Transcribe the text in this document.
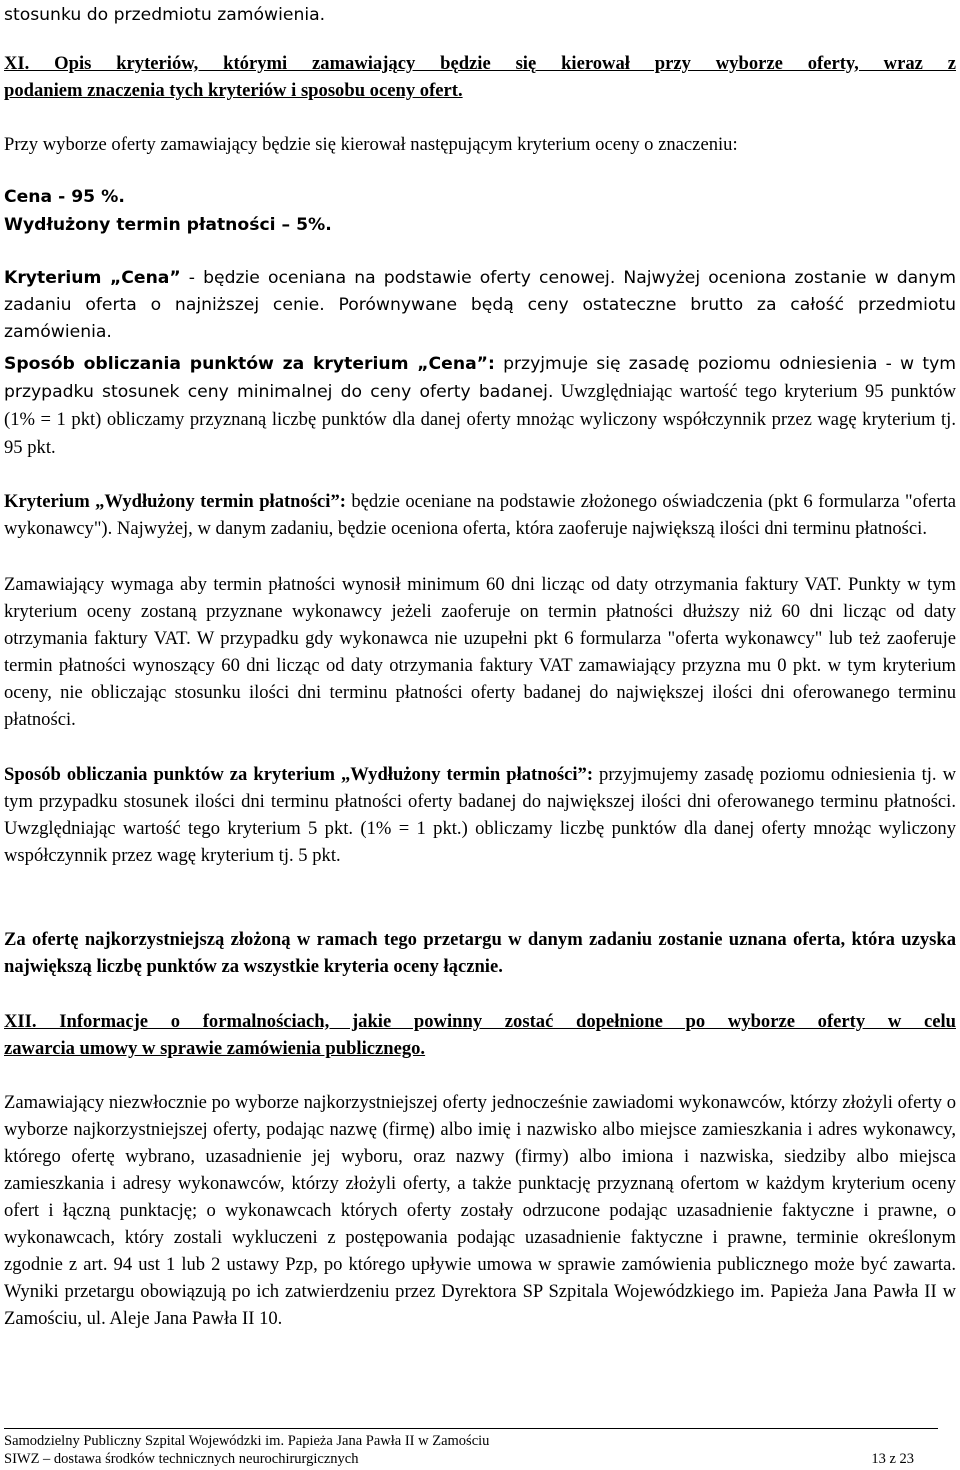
stosunku do przedmiotu zamówienia.

XI. Opis kryteriów, którymi zamawiający będzie się kierował przy wyborze oferty, wraz z

podaniem znaczenia tych kryteriów i sposobu oceny ofert.

Przy wyborze oferty zamawiający będzie się kierował następującym kryterium oceny o znaczeniu:

Cena - 95 %.

Wydłużony termin płatności – 5%.

Kryterium „Cena” - będzie oceniana na podstawie oferty cenowej. Najwyżej oceniona zostanie w danym zadaniu oferta o najniższej cenie. Porównywane będą ceny ostateczne brutto za całość przedmiotu zamówienia.

Sposób obliczania punktów za kryterium „Cena”: przyjmuje się zasadę poziomu odniesienia - w tym przypadku stosunek ceny minimalnej do ceny oferty badanej. Uwzględniając wartość tego kryterium 95 punktów (1% = 1 pkt) obliczamy przyznaną liczbę punktów dla danej oferty mnożąc wyliczony współczynnik przez wagę kryterium tj. 95 pkt.

Kryterium „Wydłużony termin płatności”: będzie oceniane na podstawie złożonego oświadczenia (pkt 6 formularza "oferta wykonawcy"). Najwyżej, w danym zadaniu, będzie oceniona oferta, która zaoferuje największą ilości dni terminu płatności.

Zamawiający wymaga aby termin płatności wynosił minimum 60 dni licząc od daty otrzymania faktury VAT. Punkty w tym kryterium oceny zostaną przyznane wykonawcy jeżeli zaoferuje on termin płatności dłuższy niż 60 dni licząc od daty otrzymania faktury VAT. W przypadku gdy wykonawca nie uzupełni pkt 6 formularza "oferta wykonawcy" lub też zaoferuje termin płatności wynoszący 60 dni licząc od daty otrzymania faktury VAT zamawiający przyzna mu 0 pkt. w tym kryterium oceny, nie obliczając stosunku ilości dni terminu płatności oferty badanej do największej ilości dni oferowanego terminu płatności.

Sposób obliczania punktów za kryterium „Wydłużony termin płatności”: przyjmujemy zasadę poziomu odniesienia tj. w tym przypadku stosunek ilości dni terminu płatności oferty badanej do największej ilości dni oferowanego terminu płatności. Uwzględniając wartość tego kryterium 5 pkt. (1% = 1 pkt.) obliczamy liczbę punktów dla danej oferty mnożąc wyliczony współczynnik przez wagę kryterium tj. 5 pkt.

Za ofertę najkorzystniejszą złożoną w ramach tego przetargu w danym zadaniu zostanie uznana oferta, która uzyska największą liczbę punktów za wszystkie kryteria oceny łącznie.

XII. Informacje o formalnościach, jakie powinny zostać dopełnione po wyborze oferty w celu

zawarcia umowy w sprawie zamówienia publicznego.

Zamawiający niezwłocznie po wyborze najkorzystniejszej oferty jednocześnie zawiadomi wykonawców, którzy złożyli oferty o wyborze najkorzystniejszej oferty, podając nazwę (firmę) albo imię i nazwisko albo miejsce zamieszkania i adres wykonawcy, którego ofertę wybrano, uzasadnienie jej wyboru, oraz nazwy (firmy) albo imiona i nazwiska, siedziby albo miejsca zamieszkania i adresy wykonawców, którzy złożyli oferty, a także punktację przyznaną ofertom w każdym kryterium oceny ofert i łączną punktację; o wykonawcach których oferty zostały odrzucone podając uzasadnienie faktyczne i prawne, o wykonawcach, który zostali wykluczeni z postępowania podając uzasadnienie faktyczne i prawne, terminie określonym zgodnie z art. 94 ust 1 lub 2 ustawy Pzp, po którego upływie umowa w sprawie zamówienia publicznego może być zawarta. Wyniki przetargu obowiązują po ich zatwierdzeniu przez Dyrektora SP Szpitala Wojewódzkiego im. Papieża Jana Pawła II w Zamościu, ul. Aleje Jana Pawła II 10.

Samodzielny Publiczny Szpital Wojewódzki im. Papieża Jana Pawła II w Zamościu
SIWZ – dostawa środków technicznych neurochirurgicznych	13 z 23
